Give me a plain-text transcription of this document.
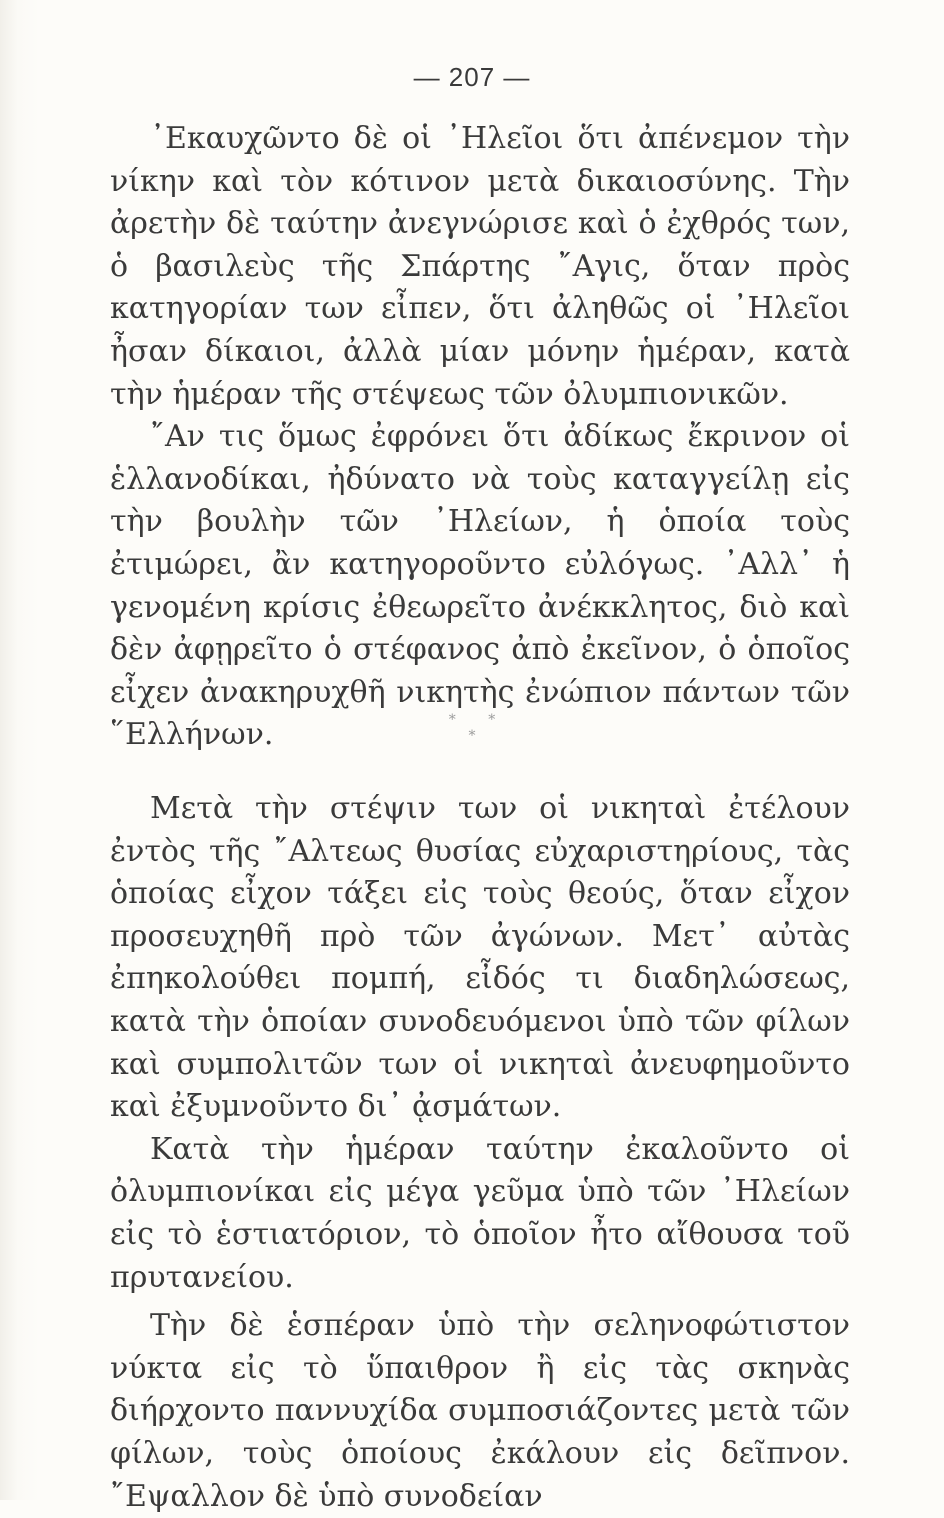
— 207 —

᾿Εκαυχῶντο δὲ οἱ ᾿Ηλεῖοι ὅτι ἀπένεμον τὴν νίκην καὶ τὸν κότινον μετὰ δικαιοσύνης. Τὴν ἀρετὴν δὲ ταύτην ἀνεγνώρισε καὶ ὁ ἐχθρός των, ὁ βασιλεὺς τῆς Σπάρτης ῎Αγις, ὅταν πρὸς κατηγορίαν των εἶπεν, ὅτι ἀληθῶς οἱ ᾿Ηλεῖοι ἦσαν δίκαιοι, ἀλλὰ μίαν μόνην ἡμέραν, κατὰ τὴν ἡμέραν τῆς στέψεως τῶν ὀλυμπιονικῶν.

῎Αν τις ὅμως ἐφρόνει ὅτι ἀδίκως ἔκρινον οἱ ἑλλανοδίκαι, ἠδύνατο νὰ τοὺς καταγγείλῃ εἰς τὴν βουλὴν τῶν ᾿Ηλείων, ἡ ὁποία τοὺς ἐτιμώρει, ἂν κατηγοροῦντο εὐλόγως. ᾿Αλλ᾿ ἡ γενομένη κρίσις ἐθεωρεῖτο ἀνέκκλητος, διὸ καὶ δὲν ἀφῃρεῖτο ὁ στέφανος ἀπὸ ἐκεῖνον, ὁ ὁποῖος εἶχεν ἀνακηρυχθῆ νικητὴς ἐνώπιον πάντων τῶν ῞Ελλήνων.	* *
*

Μετὰ τὴν στέψιν των οἱ νικηταὶ ἐτέλουν ἐντὸς τῆς ῎Αλτεως θυσίας εὐχαριστηρίους, τὰς ὁποίας εἶχον τάξει εἰς τοὺς θεούς, ὅταν εἶχον προσευχηθῆ πρὸ τῶν ἀγώνων. Μετ᾿ αὐτὰς ἐπηκολούθει πομπή, εἶδός τι διαδηλώσεως, κατὰ τὴν ὁποίαν συνοδευόμενοι ὑπὸ τῶν φίλων καὶ συμπολιτῶν των οἱ νικηταὶ ἀνευφημοῦντο καὶ ἐξυμνοῦντο δι᾿ ᾀσμάτων.

Κατὰ τὴν ἡμέραν ταύτην ἐκαλοῦντο οἱ ὀλυμπιονίκαι εἰς μέγα γεῦμα ὑπὸ τῶν ᾿Ηλείων εἰς τὸ ἑστιατόριον, τὸ ὁποῖον ἦτο αἴθουσα τοῦ πρυτανείου.

Τὴν δὲ ἑσπέραν ὑπὸ τὴν σεληνοφώτιστον νύκτα εἰς τὸ ὕπαιθρον ἢ εἰς τὰς σκηνὰς διήρχοντο παννυχίδα συμποσιάζοντες μετὰ τῶν φίλων, τοὺς ὁποίους ἐκάλουν εἰς δεῖπνον. ῎Εψαλλον δὲ ὑπὸ συνοδείαν
